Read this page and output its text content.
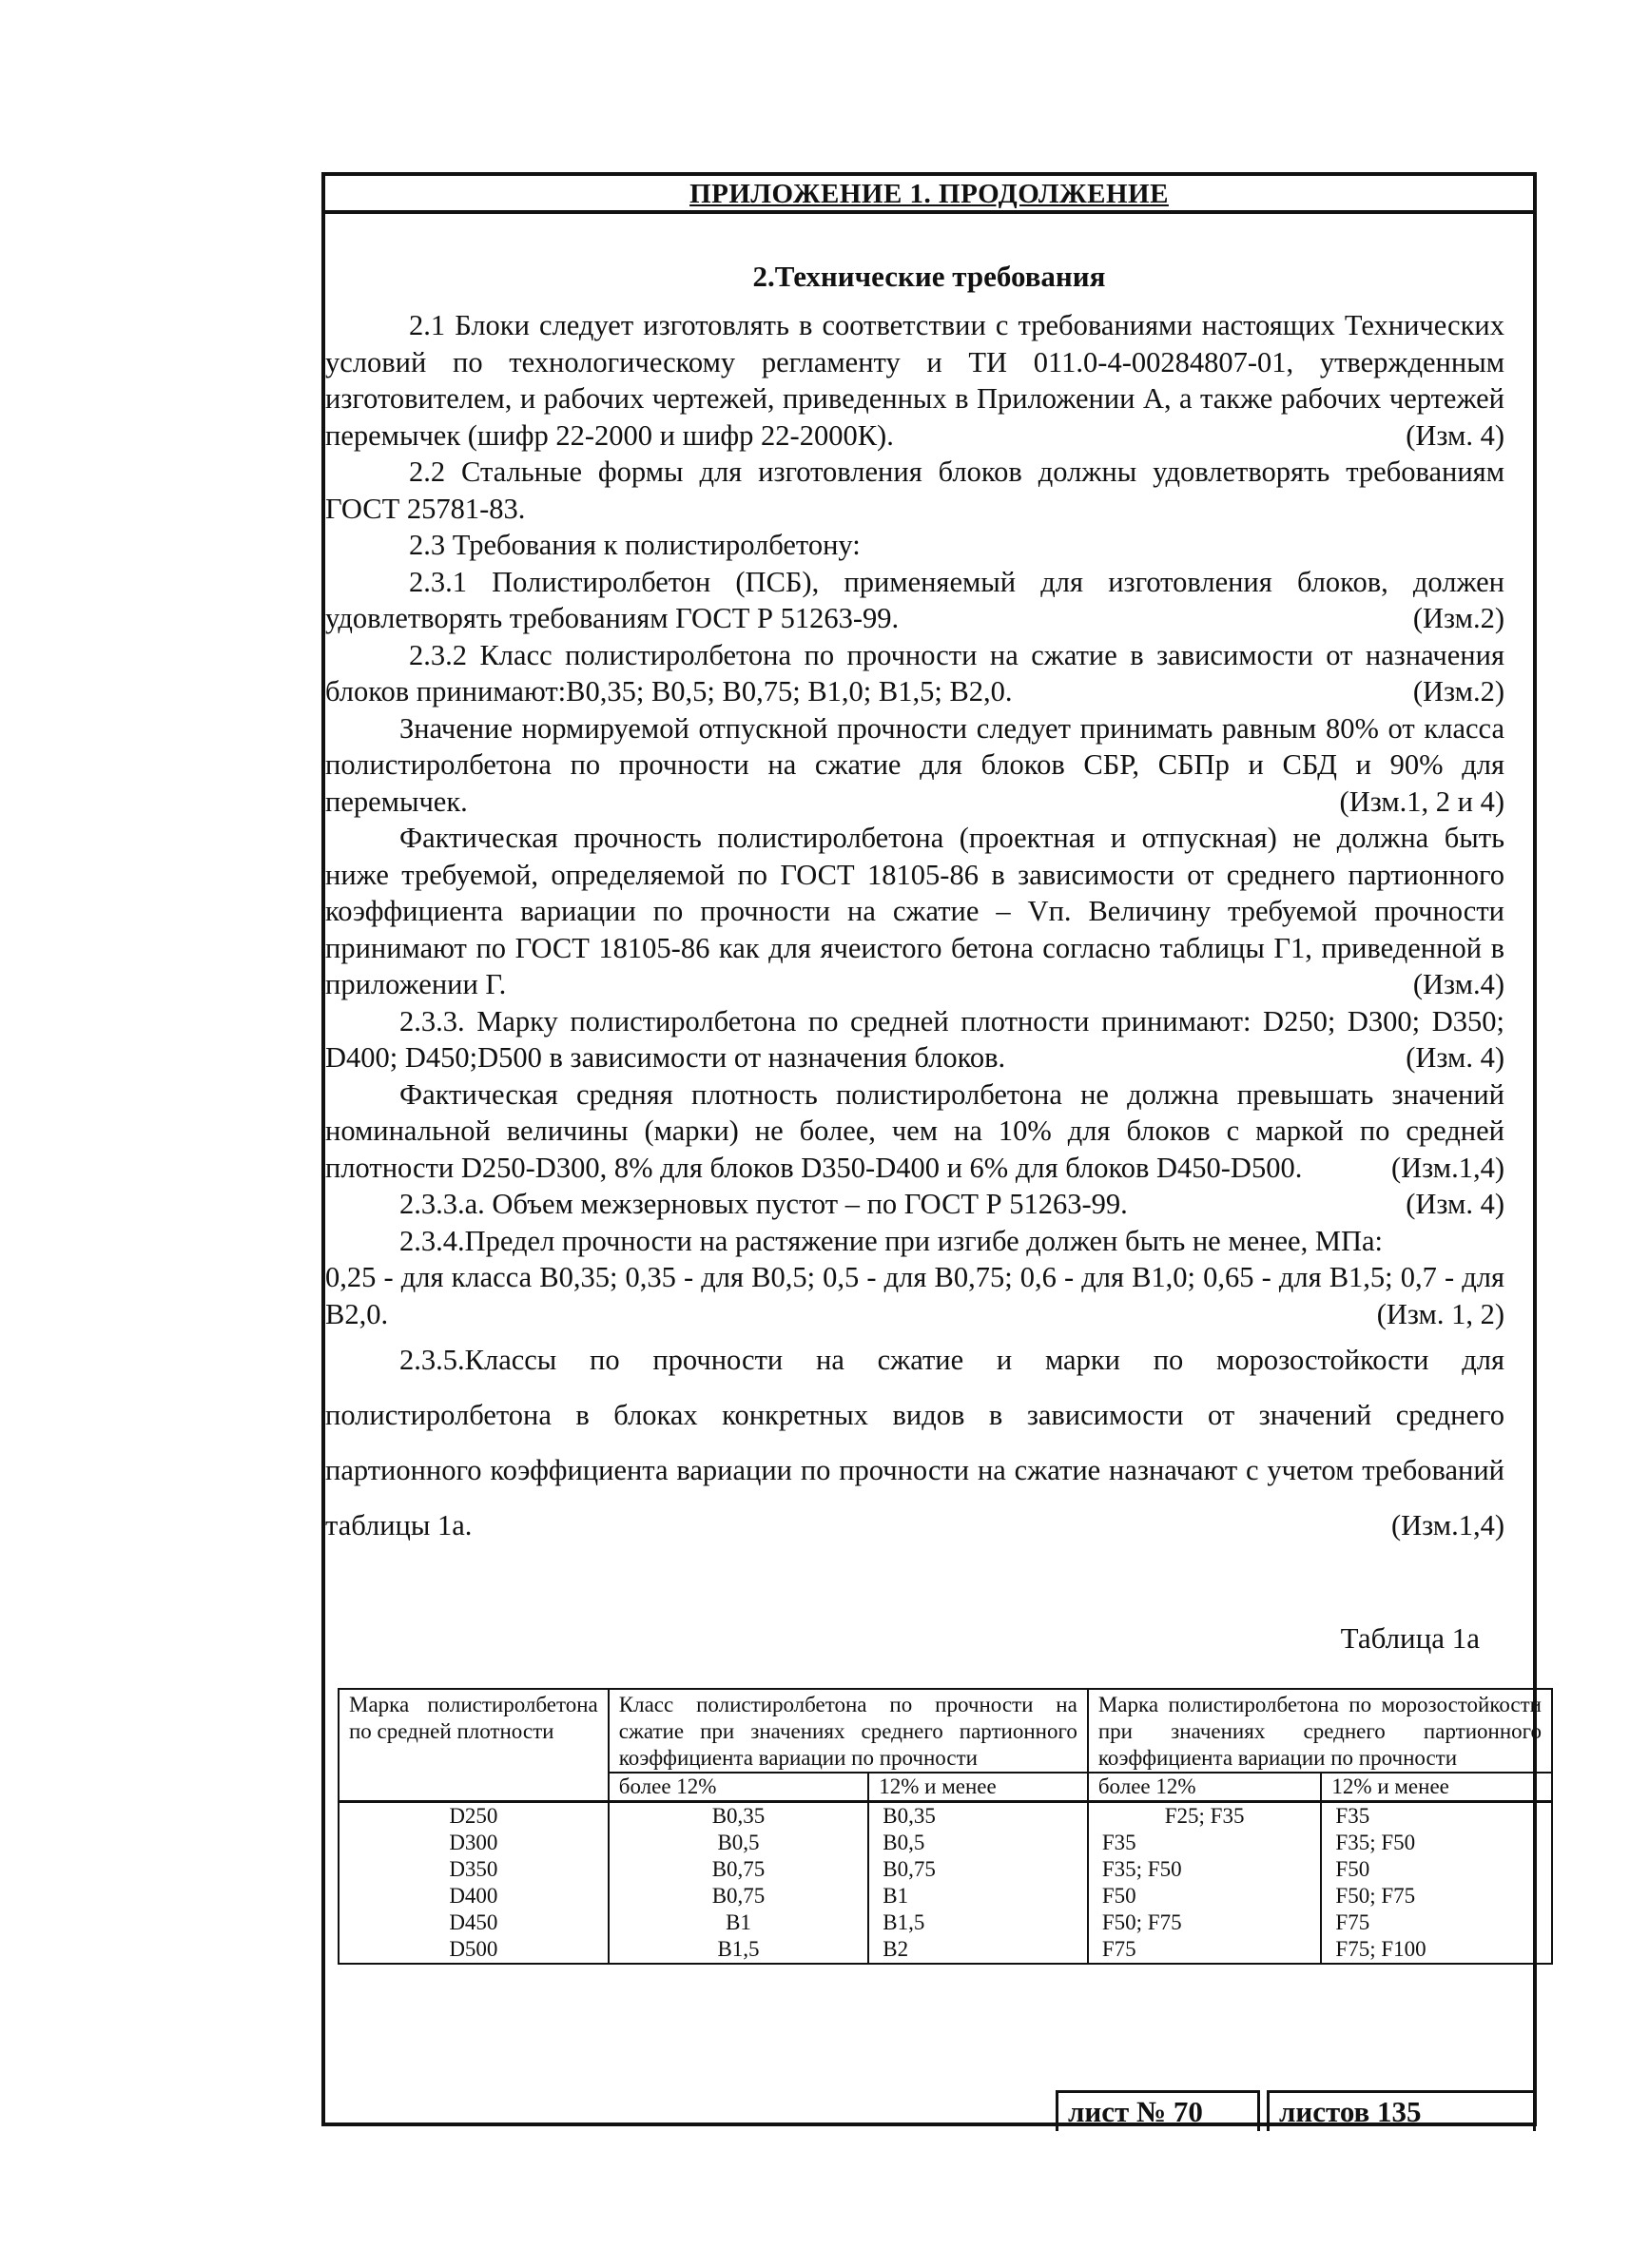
ПРИЛОЖЕНИЕ 1. ПРОДОЛЖЕНИЕ
2.Технические требования

2.1 Блоки следует изготовлять в соответствии с требованиями настоящих Технических условий по технологическому регламенту и ТИ 011.0-4-00284807-01, утвержденным изготовителем, и рабочих чертежей, приведенных в Приложении А, а также рабочих чертежей перемычек (шифр 22-2000 и шифр 22-2000К).	(Изм. 4)

2.2 Стальные формы для изготовления блоков должны удовлетворять требованиям ГОСТ 25781-83.

2.3 Требования к полистиролбетону:

2.3.1 Полистиролбетон (ПСБ), применяемый для изготовления блоков, должен удовлетворять требованиям ГОСТ Р 51263-99.	(Изм.2)

2.3.2 Класс полистиролбетона по прочности на сжатие в зависимости от назначения блоков принимают:В0,35; В0,5; В0,75; В1,0; В1,5; В2,0.	(Изм.2)

Значение нормируемой отпускной прочности следует принимать равным 80% от класса полистиролбетона по прочности на сжатие для блоков СБР, СБПр и СБД и 90% для перемычек.	(Изм.1, 2 и 4)

Фактическая прочность полистиролбетона (проектная и отпускная) не должна быть ниже требуемой, определяемой по ГОСТ 18105-86 в зависимости от среднего партионного коэффициента вариации по прочности на сжатие – Vп. Величину требуемой прочности принимают по ГОСТ 18105-86 как для ячеистого бетона согласно таблицы Г1, приведенной в приложении Г.	(Изм.4)

2.3.3. Марку полистиролбетона по средней плотности принимают: D250; D300; D350; D400; D450;D500 в зависимости от назначения блоков.	(Изм. 4)

Фактическая средняя плотность полистиролбетона не должна превышать значений номинальной величины (марки) не более, чем на 10% для блоков с маркой по средней плотности D250-D300, 8% для блоков D350-D400 и 6% для блоков D450-D500.	(Изм.1,4)

2.3.3.а. Объем межзерновых пустот – по ГОСТ Р 51263-99.	(Изм. 4)

2.3.4.Предел прочности на растяжение при изгибе должен быть не менее, МПа:

0,25 - для класса В0,35; 0,35 - для В0,5; 0,5 - для В0,75; 0,6 - для В1,0; 0,65 - для В1,5; 0,7 - для В2,0.	(Изм. 1, 2)

2.3.5.Классы по прочности на сжатие и марки по морозостойкости для полистиролбетона в блоках конкретных видов в зависимости от значений среднего партионного коэффициента вариации по прочности на сжатие назначают с учетом требований таблицы 1а.	(Изм.1,4)

Таблица 1а
Марка полистиролбетона по средней плотности	Класс полистиролбетона по прочности на сжатие при значениях среднего партионного коэффициента вариации по прочности		Марка полистиролбетона по морозостойкости при значениях среднего партионного коэффициента вариации по прочности	
	более 12%	12% и менее	более 12%	12% и менее
D250	В0,35	В0,35	F25; F35	F35
D300	В0,5	В0,5	F35	F35; F50
D350	В0,75	В0,75	F35; F50	F50
D400	В0,75	В1	F50	F50; F75
D450	В1	В1,5	F50; F75	F75
D500	В1,5	В2	F75	F75; F100
лист № 70	листов 135
